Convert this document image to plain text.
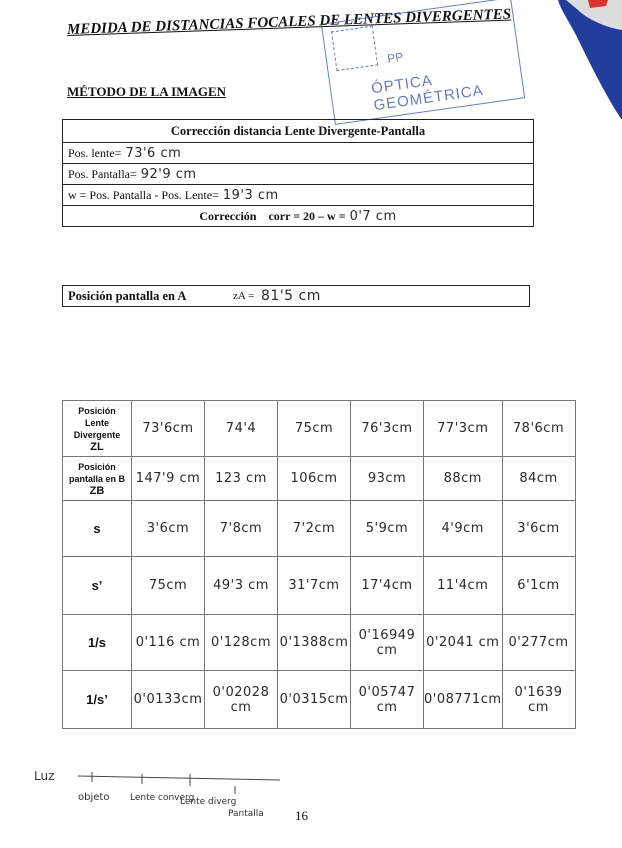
MEDIDA DE DISTANCIAS FOCALES DE LENTES DIVERGENTES
PP
ÓPTICA GEOMÉTRICA
MÉTODO DE LA IMAGEN
Corrección distancia Lente Divergente-Pantalla
Pos. lente= 73'6 cm
Pos. Pantalla= 92'9 cm
w = Pos. Pantalla - Pos. Lente= 19'3 cm
Corrección    corr = 20 – w = 0'7 cm
Posición pantalla en A	zA = 81'5 cm
Posición
Lente
Divergente
ZL	73'6cm	74'4	75cm	76'3cm	77'3cm	78'6cm

Posición
pantalla en B
ZB	147'9 cm	123 cm	106cm	93cm	88cm	84cm

s	3'6cm	7'8cm	7'2cm	5'9cm	4'9cm	3'6cm

s’	75cm	49'3 cm	31'7cm	17'4cm	11'4cm	6'1cm

1/s	0'116 cm	0'128cm	0'1388cm	0'16949 cm	0'2041 cm	0'277cm

1/s’	0'0133cm	0'02028 cm	0'0315cm	0'05747 cm	0'08771cm	0'1639 cm
Luz
objeto Lente converg
Lente diverg
Pantalla 16
